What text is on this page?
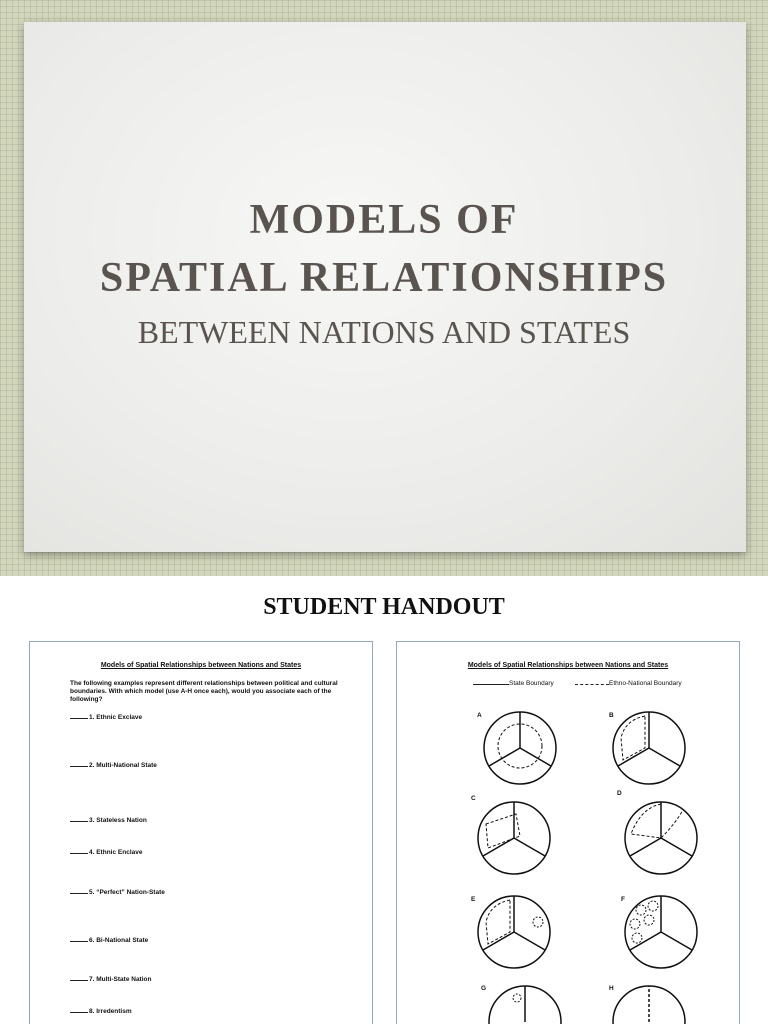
MODELS OF
SPATIAL RELATIONSHIPS
BETWEEN NATIONS AND STATES
STUDENT HANDOUT
Models of Spatial Relationships between Nations and States
The following examples represent different relationships between political and cultural boundaries. With which model (use A-H once each), would you associate each of the following?
1. Ethnic Exclave
2. Multi-National State
3. Stateless Nation
4. Ethnic Enclave
5. “Perfect” Nation-State
6. Bi-National State
7. Multi-State Nation
8. Irredentism
Models of Spatial Relationships between Nations and States
State Boundary	Ethno-National Boundary
A	B
C
D
E	F
G	H
